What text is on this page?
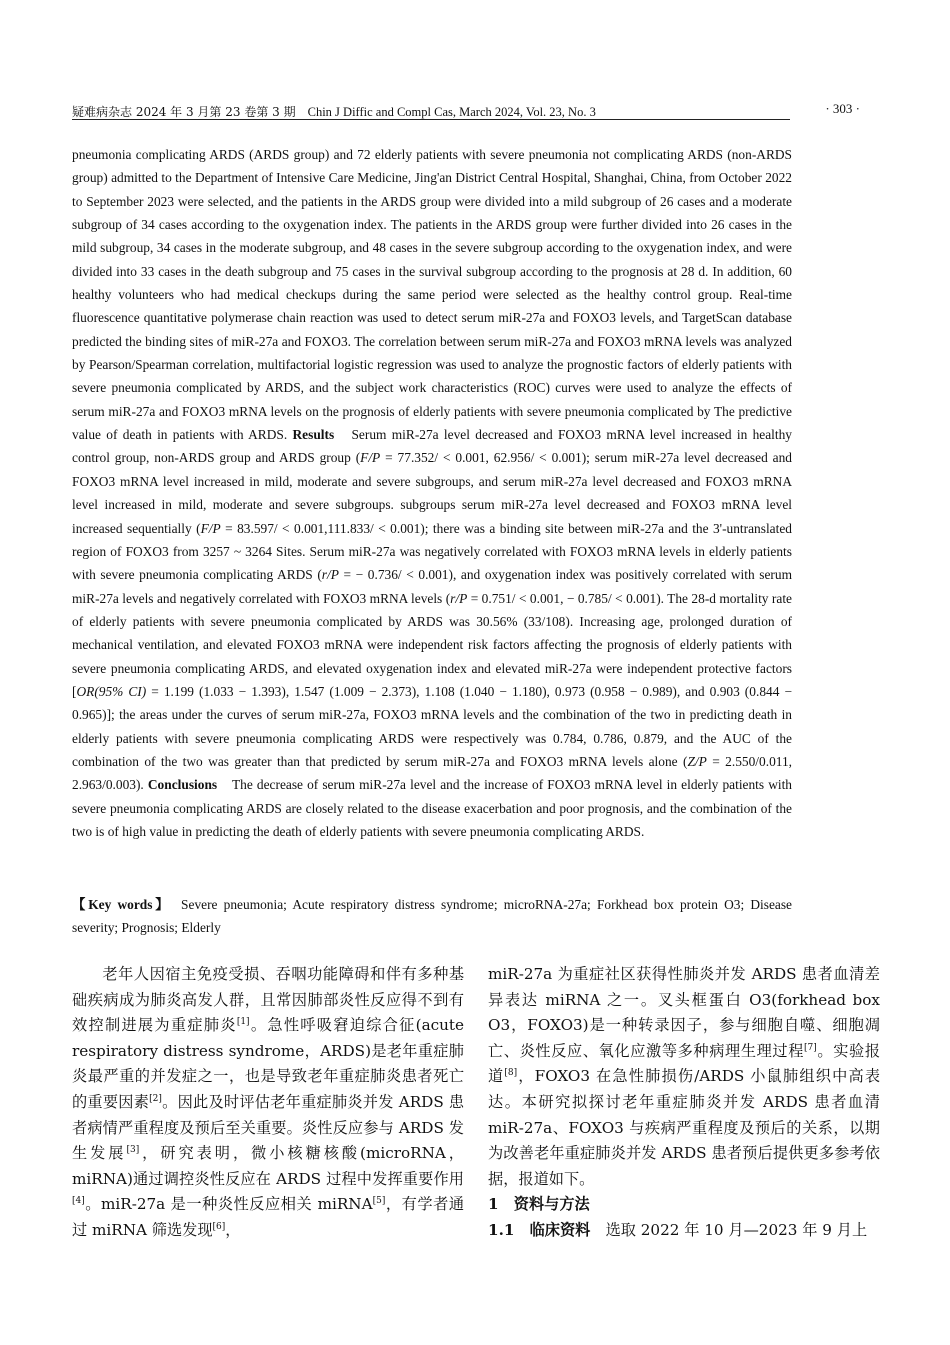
疑难病杂志 2024 年 3 月第 23 卷第 3 期　 Chin J Diffic and Compl Cas, March 2024, Vol. 23, No. 3	· 303 ·

pneumonia complicating ARDS (ARDS group) and 72 elderly patients with severe pneumonia not complicating ARDS (non-ARDS group) admitted to the Department of Intensive Care Medicine, Jing'an District Central Hospital, Shanghai, China, from October 2022 to September 2023 were selected, and the patients in the ARDS group were divided into a mild subgroup of 26 cases and a moderate subgroup of 34 cases according to the oxygenation index. The patients in the ARDS group were further divided into 26 cases in the mild subgroup, 34 cases in the moderate subgroup, and 48 cases in the severe subgroup according to the oxygenation index, and were divided into 33 cases in the death subgroup and 75 cases in the survival subgroup according to the prognosis at 28 d. In addition, 60 healthy volunteers who had medical checkups during the same period were selected as the healthy control group. Real-time fluorescence quantitative polymerase chain reaction was used to detect serum miR-27a and FOXO3 levels, and TargetScan database predicted the binding sites of miR-27a and FOXO3. The correlation between serum miR-27a and FOXO3 mRNA levels was analyzed by Pearson/Spearman correlation, multifactorial logistic regression was used to analyze the prognostic factors of elderly patients with severe pneumonia complicated by ARDS, and the subject work characteristics (ROC) curves were used to analyze the effects of serum miR-27a and FOXO3 mRNA levels on the prognosis of elderly patients with severe pneumonia complicated by The predictive value of death in patients with ARDS. Results　 Serum miR-27a level decreased and FOXO3 mRNA level increased in healthy control group, non-ARDS group and ARDS group (F/P = 77.352/ < 0.001, 62.956/ < 0.001); serum miR-27a level decreased and FOXO3 mRNA level increased in mild, moderate and severe subgroups, and serum miR-27a level decreased and FOXO3 mRNA level increased in mild, moderate and severe subgroups. subgroups serum miR-27a level decreased and FOXO3 mRNA level increased sequentially (F/P = 83.597/ < 0.001,111.833/ < 0.001); there was a binding site between miR-27a and the 3'-untranslated region of FOXO3 from 3257 ~ 3264 Sites. Serum miR-27a was negatively correlated with FOXO3 mRNA levels in elderly patients with severe pneumonia complicating ARDS (r/P = − 0.736/ < 0.001), and oxygenation index was positively correlated with serum miR-27a levels and negatively correlated with FOXO3 mRNA levels (r/P = 0.751/ < 0.001, − 0.785/ < 0.001). The 28-d mortality rate of elderly patients with severe pneumonia complicated by ARDS was 30.56% (33/108). Increasing age, prolonged duration of mechanical ventilation, and elevated FOXO3 mRNA were independent risk factors affecting the prognosis of elderly patients with severe pneumonia complicating ARDS, and elevated oxygenation index and elevated miR-27a were independent protective factors [OR(95% CI) = 1.199 (1.033 − 1.393), 1.547 (1.009 − 2.373), 1.108 (1.040 − 1.180), 0.973 (0.958 − 0.989), and 0.903 (0.844 − 0.965)]; the areas under the curves of serum miR-27a, FOXO3 mRNA levels and the combination of the two in predicting death in elderly patients with severe pneumonia complicating ARDS were respectively was 0.784, 0.786, 0.879, and the AUC of the combination of the two was greater than that predicted by serum miR-27a and FOXO3 mRNA levels alone (Z/P = 2.550/0.011, 2.963/0.003). Conclusions　 The decrease of serum miR-27a level and the increase of FOXO3 mRNA level in elderly patients with severe pneumonia complicating ARDS are closely related to the disease exacerbation and poor prognosis, and the combination of the two is of high value in predicting the death of elderly patients with severe pneumonia complicating ARDS.

【Key words】　 Severe pneumonia; Acute respiratory distress syndrome; microRNA-27a; Forkhead box protein O3; Disease severity; Prognosis; Elderly

老年人因宿主免疫受损、吞咽功能障碍和伴有多种基础疾病成为肺炎高发人群，且常因肺部炎性反应得不到有效控制进展为重症肺炎[1]。急性呼吸窘迫综合征(acute respiratory distress syndrome，ARDS)是老年重症肺炎最严重的并发症之一，也是导致老年重症肺炎患者死亡的重要因素[2]。因此及时评估老年重症肺炎并发 ARDS 患者病情严重程度及预后至关重要。炎性反应参与 ARDS 发生发展[3]，研究表明，微小核糖核酸(microRNA，miRNA)通过调控炎性反应在 ARDS 过程中发挥重要作用[4]。miR-27a 是一种炎性反应相关 miRNA[5]，有学者通过 miRNA 筛选发现[6]，

miR-27a 为重症社区获得性肺炎并发 ARDS 患者血清差异表达 miRNA 之一。叉头框蛋白 O3(forkhead box O3，FOXO3)是一种转录因子，参与细胞自噬、细胞凋亡、炎性反应、氧化应激等多种病理生理过程[7]。实验报道[8]，FOXO3 在急性肺损伤/ARDS 小鼠肺组织中高表达。本研究拟探讨老年重症肺炎并发 ARDS 患者血清 miR-27a、FOXO3 与疾病严重程度及预后的关系，以期为改善老年重症肺炎并发 ARDS 患者预后提供更多参考依据，报道如下。

1　资料与方法

1.1　临床资料　选取 2022 年 10 月—2023 年 9 月上
